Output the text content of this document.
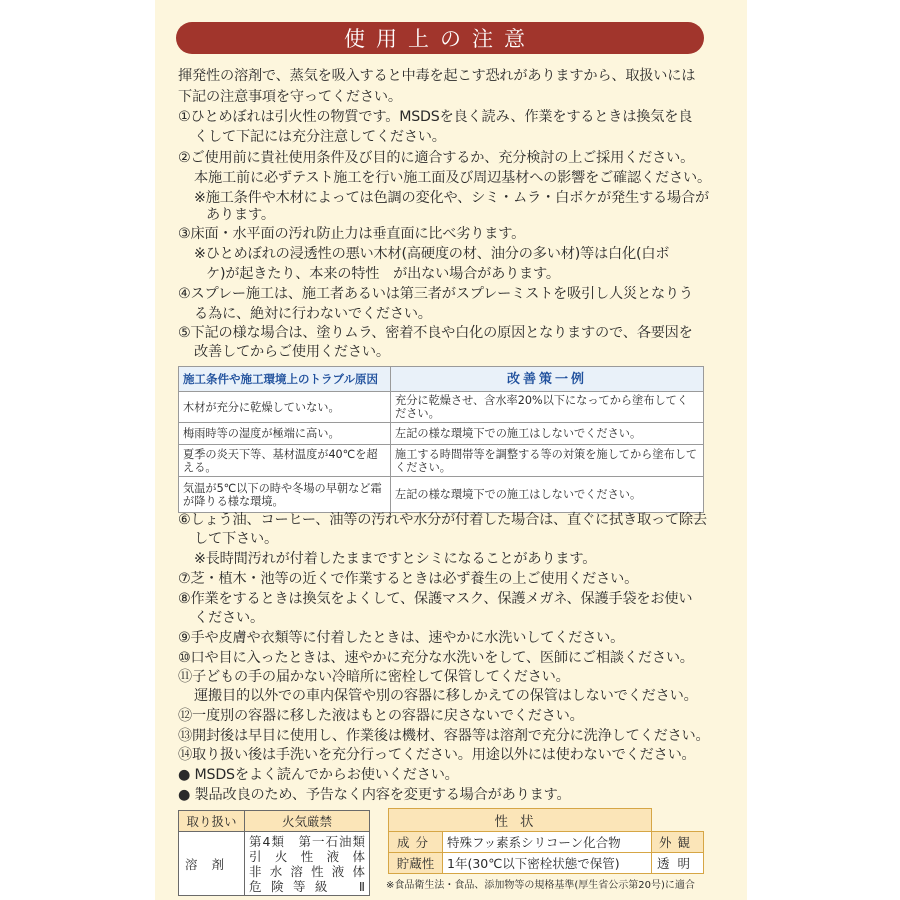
使用上の注意
揮発性の溶剤で、蒸気を吸入すると中毒を起こす恐れがありますから、取扱いには
下記の注意事項を守ってください。
①ひとめぼれは引火性の物質です。MSDSを良く読み、作業をするときは換気を良
くして下記には充分注意してください。
②ご使用前に貴社使用条件及び目的に適合するか、充分検討の上ご採用ください。
本施工前に必ずテスト施工を行い施工面及び周辺基材への影響をご確認ください。
※施工条件や木材によっては色調の変化や、シミ・ムラ・白ボケが発生する場合が
あります。
③床面・水平面の汚れ防止力は垂直面に比べ劣ります。
※ひとめぼれの浸透性の悪い木材(高硬度の材、油分の多い材)等は白化(白ボ
ケ)が起きたり、本来の特性　が出ない場合があります。
④スプレー施工は、施工者あるいは第三者がスプレーミストを吸引し人災となりう
る為に、絶対に行わないでください。
⑤下記の様な場合は、塗りムラ、密着不良や白化の原因となりますので、各要因を
改善してからご使用ください。
施工条件や施工環境上のトラブル原因	改善策一例
木材が充分に乾燥していない。	充分に乾燥させ、含水率20%以下になってから塗布してください。
梅雨時等の湿度が極端に高い。	左記の様な環境下での施工はしないでください。
夏季の炎天下等、基材温度が40℃を超える。	施工する時間帯等を調整する等の対策を施してから塗布してください。
気温が5℃以下の時や冬場の早朝など霜が降りる様な環境。	左記の様な環境下での施工はしないでください。
⑥しょう油、コーヒー、油等の汚れや水分が付着した場合は、直ぐに拭き取って除去
して下さい。
※長時間汚れが付着したままですとシミになることがあります。
⑦芝・植木・池等の近くで作業するときは必ず養生の上ご使用ください。
⑧作業をするときは換気をよくして、保護マスク、保護メガネ、保護手袋をお使い
ください。
⑨手や皮膚や衣類等に付着したときは、速やかに水洗いしてください。
⑩口や目に入ったときは、速やかに充分な水洗いをして、医師にご相談ください。
⑪子どもの手の届かない冷暗所に密栓して保管してください。
運搬目的以外での車内保管や別の容器に移しかえての保管はしないでください。
⑫一度別の容器に移した液はもとの容器に戻さないでください。
⑬開封後は早目に使用し、作業後は機材、容器等は溶剤で充分に洗浄してください。
⑭取り扱い後は手洗いを充分行ってください。用途以外には使わないでください。
● MSDSをよく読んでからお使いください。
● 製品改良のため、予告なく内容を変更する場合があります。
取り扱い	火気厳禁
溶剤	第4類　第一石油類
引火性液体
非水溶性液体
危険等級　Ⅱ
性状		
成分	特殊フッ素系シリコーン化合物	外観
貯蔵性	1年(30℃以下密栓状態で保管)	透明
※食品衛生法・食品、添加物等の規格基準(厚生省公示第20号)に適合
